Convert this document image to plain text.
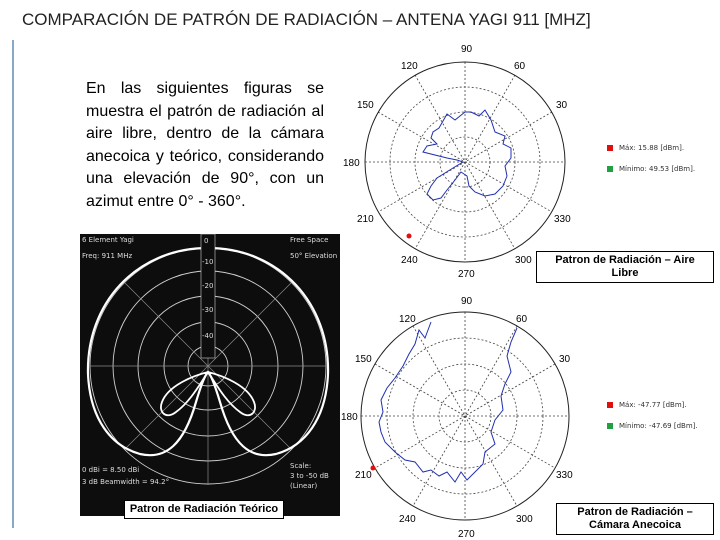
COMPARACIÓN DE PATRÓN DE RADIACIÓN – ANTENA YAGI 911 [MHZ]
En las siguientes figuras se muestra el patrón de radiación al aire libre, dentro de la cámara anecoica y teórico, considerando una elevación de 90°, con un azimut entre 0° - 360°.
90
60
120
150	30
180
330
210
240	300
270
Máx: 15.88 [dBm].
Mínimo: 49.53 [dBm].
Patron de Radiación – Aire Libre
90
60
120
150	30
180
330
210
240	300
270
Máx: -47.77 [dBm].
Mínimo: -47.69 [dBm].
Patron de Radiación – Cámara Anecoica
6 Element Yagi
Freq: 911 MHz
Free Space
50° Elevation
0
-10
-20
-30
-40
0 dBi = 8.50 dBi
3 dB Beamwidth = 94.2°
Scale:
3 to -50 dB
(Linear)
Patron de Radiación Teórico
